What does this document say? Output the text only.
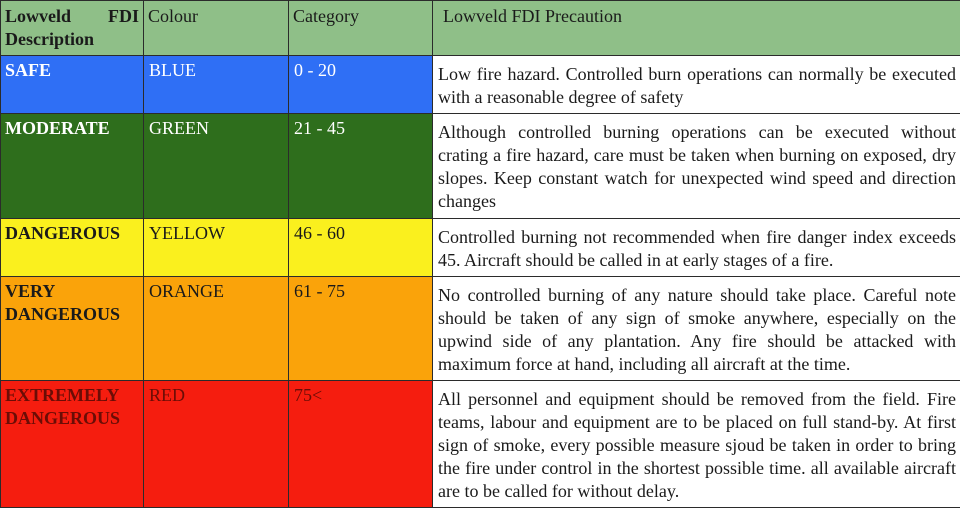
Lowveld FDI
Description	Colour	Category	Lowveld FDI Precaution
SAFE	BLUE	0 - 20	Low fire hazard. Controlled burn operations can normally be executed with a reasonable degree of safety
MODERATE	GREEN	21 - 45	Although controlled burning operations can be executed without crating a fire hazard, care must be taken when burning on exposed, dry slopes. Keep constant watch for unexpected wind speed and direction changes
DANGEROUS	YELLOW	46 - 60	Controlled burning not recommended when fire danger index exceeds 45. Aircraft should be called in at early stages of a fire.
VERY DANGEROUS	ORANGE	61 - 75	No controlled burning of any nature should take place. Careful note should be taken of any sign of smoke anywhere, especially on the upwind side of any plantation. Any fire should be attacked with maximum force at hand, including all aircraft at the time.
EXTREMELY DANGEROUS	RED	75<	All personnel and equipment should be removed from the field. Fire teams, labour and equipment are to be placed on full stand-by. At first sign of smoke, every possible measure sjoud be taken in order to bring the fire under control in the shortest possible time. all available aircraft are to be called for without delay.
